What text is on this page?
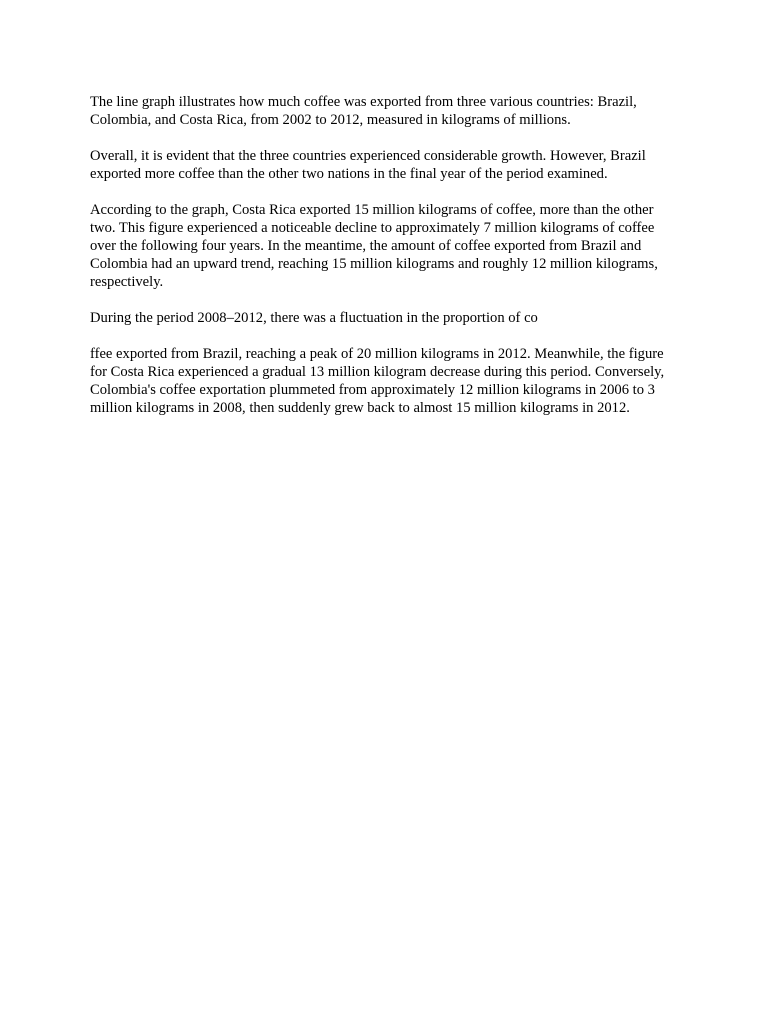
The line graph illustrates how much coffee was exported from three various countries: Brazil, Colombia, and Costa Rica, from 2002 to 2012, measured in kilograms of millions.

Overall, it is evident that the three countries experienced considerable growth. However, Brazil exported more coffee than the other two nations in the final year of the period examined.

According to the graph, Costa Rica exported 15 million kilograms of coffee, more than the other two. This figure experienced a noticeable decline to approximately 7 million kilograms of coffee over the following four years. In the meantime, the amount of coffee exported from Brazil and Colombia had an upward trend, reaching 15 million kilograms and roughly 12 million kilograms, respectively.

During the period 2008–2012, there was a fluctuation in the proportion of co

ffee exported from Brazil, reaching a peak of 20 million kilograms in 2012. Meanwhile, the figure for Costa Rica experienced a gradual 13 million kilogram decrease during this period. Conversely, Colombia's coffee exportation plummeted from approximately 12 million kilograms in 2006 to 3 million kilograms in 2008, then suddenly grew back to almost 15 million kilograms in 2012.
